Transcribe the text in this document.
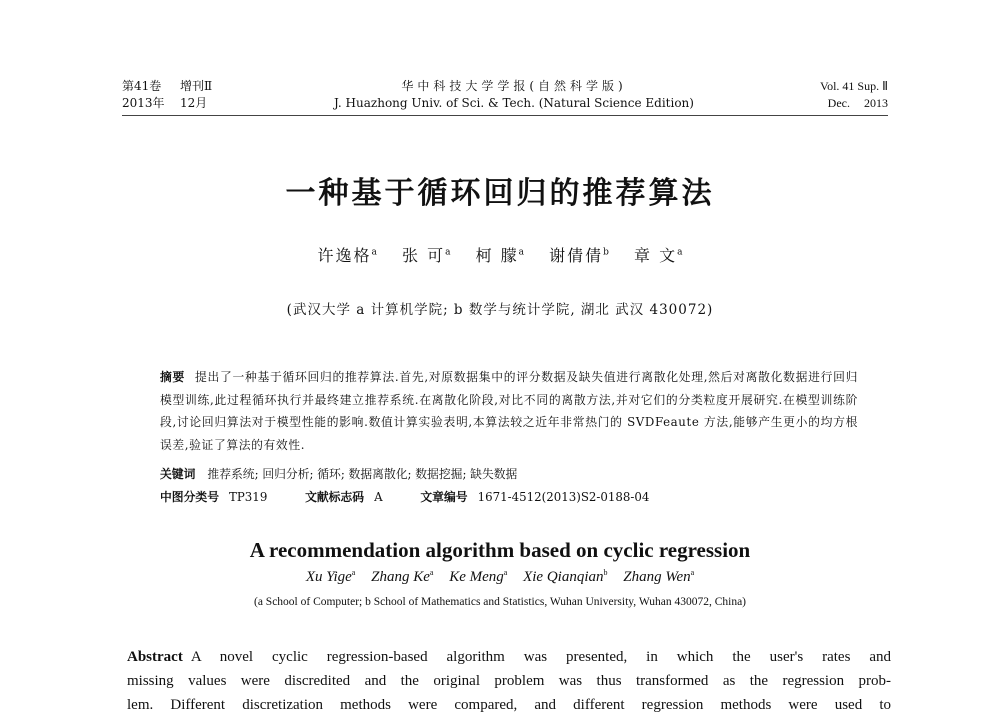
第41卷 增刊Ⅱ
2013年 12月
华中科技大学学报(自然科学版)
J. Huazhong Univ. of Sci. & Tech. (Natural Science Edition)
Vol. 41 Sup. Ⅱ
Dec. 2013
一种基于循环回归的推荐算法
许逸格$^a$ 张 可$^a$ 柯 朦$^a$ 谢倩倩$^b$ 章 文$^a$
(武汉大学 a 计算机学院; b 数学与统计学院, 湖北 武汉 430072)

摘要 提出了一种基于循环回归的推荐算法.首先,对原数据集中的评分数据及缺失值进行离散化处理,然后对离散化数据进行回归模型训练,此过程循环执行并最终建立推荐系统.在离散化阶段,对比不同的离散方法,并对它们的分类粒度开展研究.在模型训练阶段,讨论回归算法对于模型性能的影响.数值计算实验表明,本算法较之近年非常热门的 SVDFeaute 方法,能够产生更小的均方根误差,验证了算法的有效性.

关键词 推荐系统; 回归分析; 循环; 数据离散化; 数据挖掘; 缺失数据
中图分类号 TP319	文献标志码 A	文章编号 1671-4512(2013)S2-0188-04
A recommendation algorithm based on cyclic regression
Xu Yige$^a$ Zhang Ke$^a$ Ke Meng$^a$ Xie Qianqian$^b$ Zhang Wen$^a$
(a School of Computer; b School of Mathematics and Statistics, Wuhan University, Wuhan 430072, China)
Abstract A novel cyclic regression-based algorithm was presented, in which the user's rates and
missing values were discredited and the original problem was thus transformed as the regression prob-
lem. Different discretization methods were compared, and different regression methods were used to
